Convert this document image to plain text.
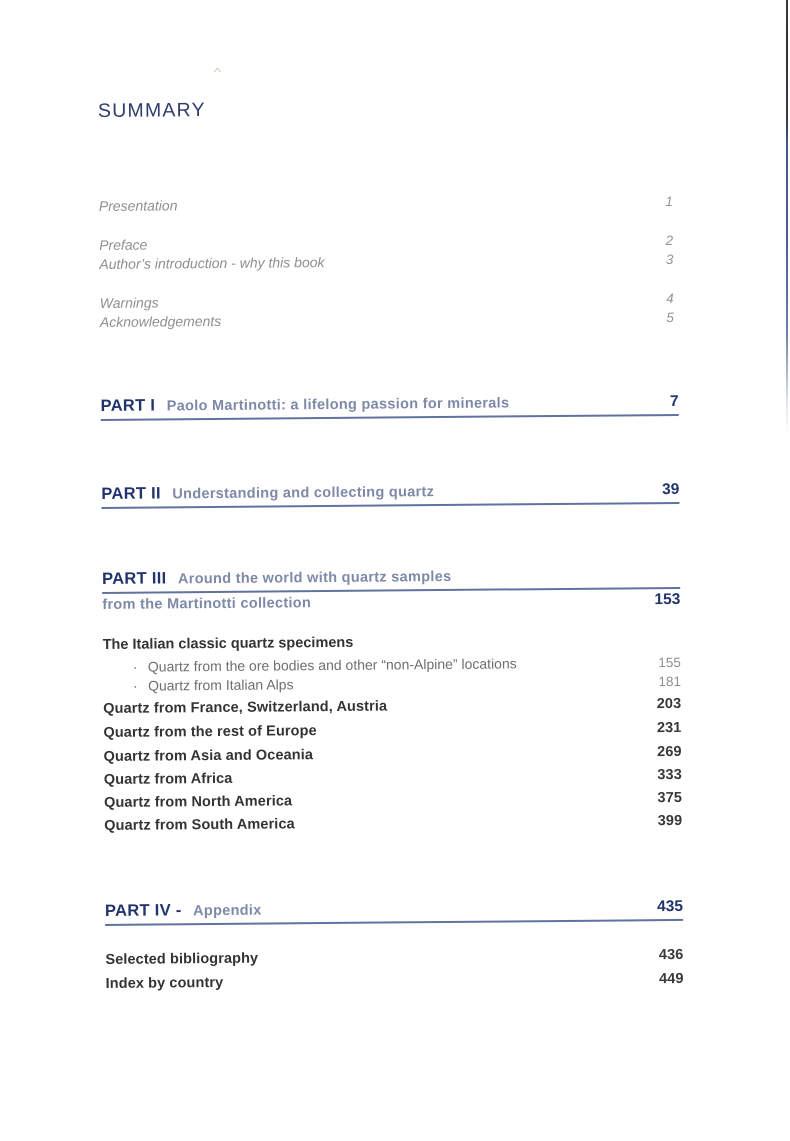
^
SUMMARY
Presentation	1
Preface	2
Author’s introduction - why this book	3
Warnings	4
Acknowledgements	5
PART I Paolo Martinotti: a lifelong passion for minerals	7
PART II Understanding and collecting quartz	39
PART III Around the world with quartz samples
from the Martinotti collection	153
The Italian classic quartz specimens
· Quartz from the ore bodies and other “non-Alpine” locations	155
· Quartz from Italian Alps	181
Quartz from France, Switzerland, Austria	203
Quartz from the rest of Europe	231
Quartz from Asia and Oceania	269
Quartz from Africa	333
Quartz from North America	375
Quartz from South America	399
PART IV - Appendix	435
Selected bibliography	436
Index by country	449
